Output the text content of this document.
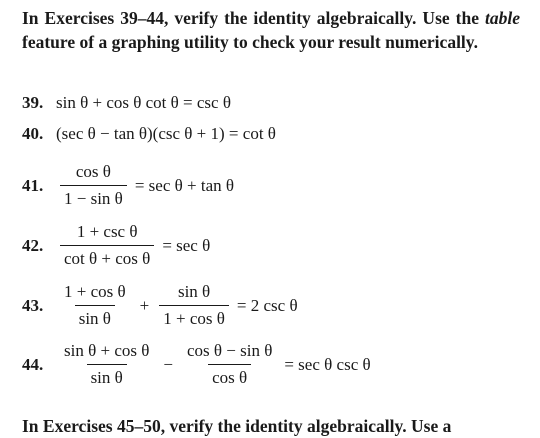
In Exercises 39–44, verify the identity algebraically. Use the table feature of a graphing utility to check your result numerically.
39. sin θ + cos θ cot θ = csc θ
40. (sec θ − tan θ)(csc θ + 1) = cot θ
41. $\frac{\text{cos θ}}{\text{1 − sin θ}} = \sec \theta + \tan \theta$
42. $\frac{\text{1 + csc θ}}{\text{cot θ + cos θ}} = \sec \theta$
43. $\frac{\text{1 + cos θ}}{\text{sin θ}} + \frac{\text{sin θ}}{\text{1 + cos θ}} = 2$ csc θ
44. $\frac{\text{sin θ + cos θ}}{\text{sin θ}} - \frac{\text{cos θ − sin θ}}{\text{cos θ}} = \sec \theta$ csc θ
In Exercises 45–50, verify the identity algebraically. Use a
